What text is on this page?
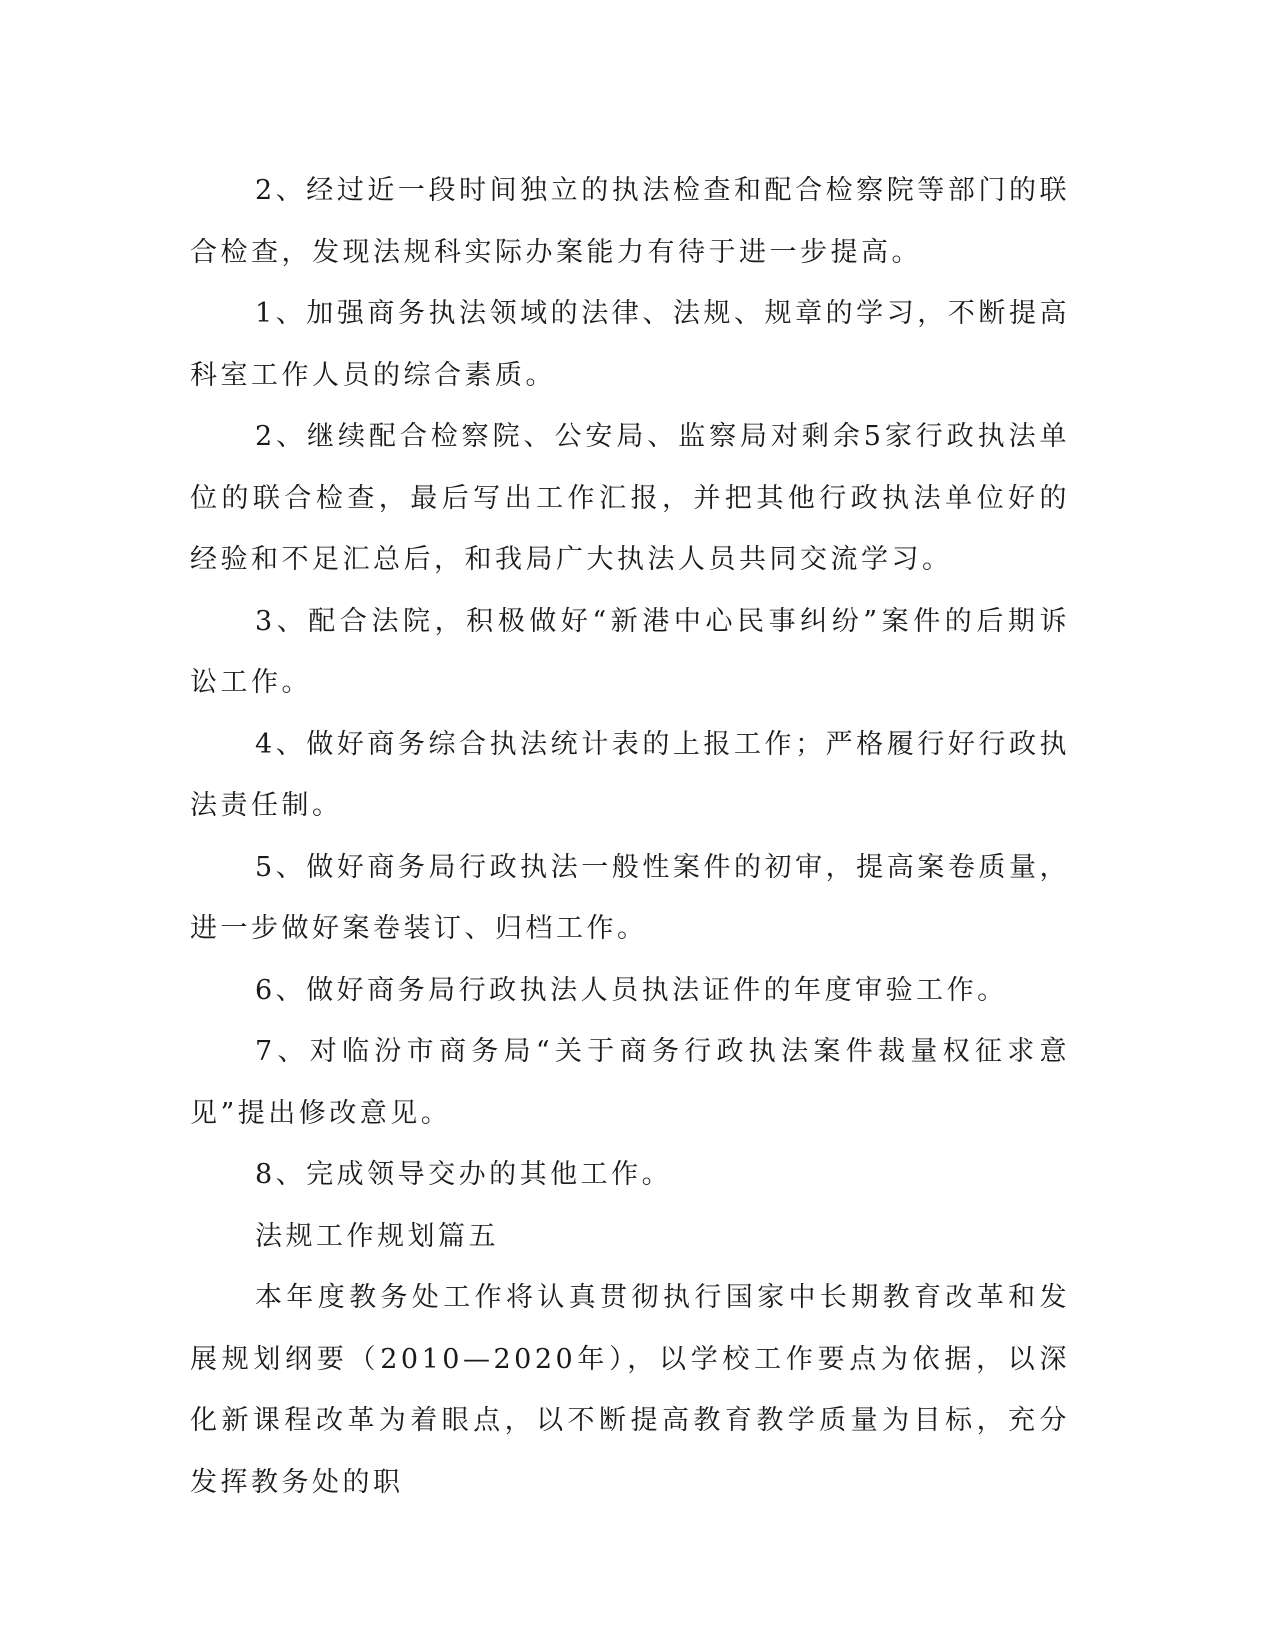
2、经过近一段时间独立的执法检查和配合检察院等部门的联合检查，发现法规科实际办案能力有待于进一步提高。

1、加强商务执法领域的法律、法规、规章的学习，不断提高科室工作人员的综合素质。

2、继续配合检察院、公安局、监察局对剩余5家行政执法单位的联合检查，最后写出工作汇报，并把其他行政执法单位好的经验和不足汇总后，和我局广大执法人员共同交流学习。

3、配合法院，积极做好“新港中心民事纠纷”案件的后期诉讼工作。

4、做好商务综合执法统计表的上报工作；严格履行好行政执法责任制。

5、做好商务局行政执法一般性案件的初审，提高案卷质量，进一步做好案卷装订、归档工作。

6、做好商务局行政执法人员执法证件的年度审验工作。

7、对临汾市商务局“关于商务行政执法案件裁量权征求意见”提出修改意见。

8、完成领导交办的其他工作。

法规工作规划篇五

本年度教务处工作将认真贯彻执行国家中长期教育改革和发展规划纲要（2010—2020年），以学校工作要点为依据，以深化新课程改革为着眼点，以不断提高教育教学质量为目标，充分发挥教务处的职
